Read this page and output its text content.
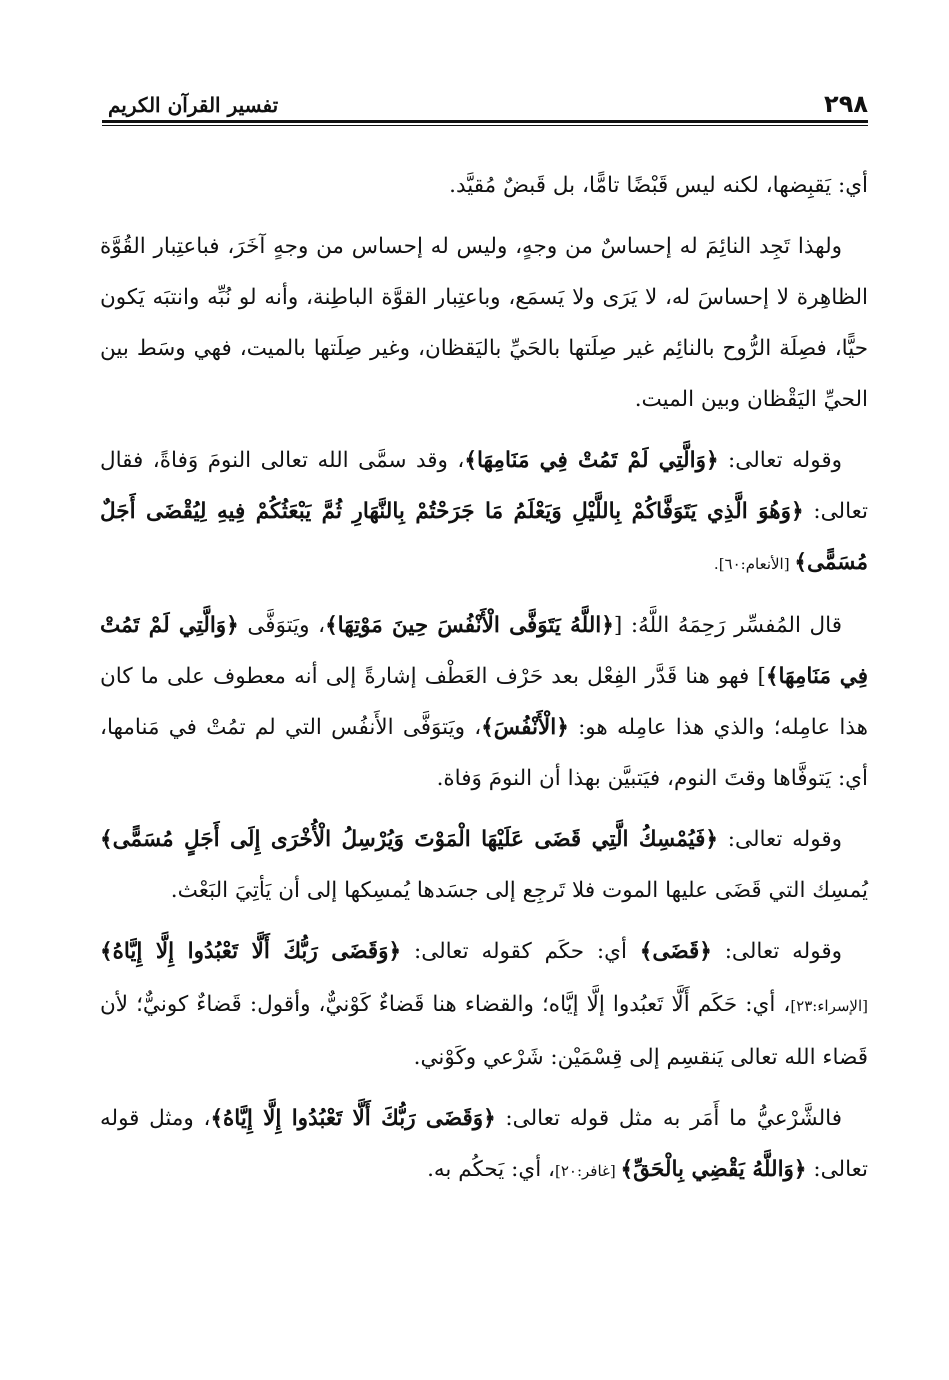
٢٩٨
تفسير القرآن الكريم

أي: يَقبِضها، لكنه ليس قَبْضًا تامًّا، بل قَبضٌ مُقيَّد.

ولهذا تَجِد النائِمَ له إحساسٌ من وجهٍ، وليس له إحساس من وجهٍ آخَرَ، فباعتِبار القُوَّة الظاهِرة لا إحساسَ له، لا يَرَى ولا يَسمَع، وباعتِبار القوَّة الباطِنة، وأنه لو نُبِّه وانتبَه يَكون حيًّا، فصِلَة الرُّوح بالنائِم غير صِلَتها بالحَيِّ باليَقظان، وغير صِلَتها بالميت، فهي وسَط بين الحيِّ اليَقْظان وبين الميت.

وقوله تعالى: ﴿وَالَّتِي لَمْ تَمُتْ فِي مَنَامِهَا﴾، وقد سمَّى الله تعالى النومَ وَفاةً، فقال تعالى: ﴿وَهُوَ الَّذِي يَتَوَفَّاكُمْ بِاللَّيْلِ وَيَعْلَمُ مَا جَرَحْتُمْ بِالنَّهَارِ ثُمَّ يَبْعَثُكُمْ فِيهِ لِيُقْضَى أَجَلٌ مُسَمًّى﴾ [الأنعام:٦٠].

قال المُفسِّر رَحِمَهُ اللَّهُ: [﴿اللَّهُ يَتَوَفَّى الْأَنْفُسَ حِينَ مَوْتِهَا﴾، ويَتوَفَّى ﴿وَالَّتِي لَمْ تَمُتْ فِي مَنَامِهَا﴾] فهو هنا قَدَّر الفِعْل بعد حَرْف العَطْف إشارةً إلى أنه معطوف على ما كان هذا عامِله؛ والذي هذا عامِله هو: ﴿الْأَنْفُسَ﴾، ويَتوَفَّى الأَنفُس التي لم تمُتْ في مَنامها، أي: يَتوفَّاها وقتَ النوم، فيَتبيَّن بهذا أن النومَ وَفاة.

وقوله تعالى: ﴿فَيُمْسِكُ الَّتِي قَضَى عَلَيْهَا الْمَوْتَ وَيُرْسِلُ الْأُخْرَى إِلَى أَجَلٍ مُسَمًّى﴾ يُمسِك التي قَضَى عليها الموت فلا تَرجِع إلى جسَدها يُمسِكها إلى أن يَأتِيَ البَعْث.

وقوله تعالى: ﴿قَضَى﴾ أي: حكَم كقوله تعالى: ﴿وَقَضَى رَبُّكَ أَلَّا تَعْبُدُوا إِلَّا إِيَّاهُ﴾ [الإسراء:٢٣]، أي: حَكَم أَلَّا تَعبُدوا إلَّا إيَّاه؛ والقضاء هنا قَضاءٌ كَوْنيٌّ، وأقول: قَضاءٌ كونيٌّ؛ لأن قَضاء الله تعالى يَنقسِم إلى قِسْمَيْن: شَرْعي وكَوْني.

فالشَّرْعيُّ ما أَمَر به مثل قوله تعالى: ﴿وَقَضَى رَبُّكَ أَلَّا تَعْبُدُوا إِلَّا إِيَّاهُ﴾، ومثل قوله تعالى: ﴿وَاللَّهُ يَقْضِي بِالْحَقِّ﴾ [غافر:٢٠]، أي: يَحكُم به.
